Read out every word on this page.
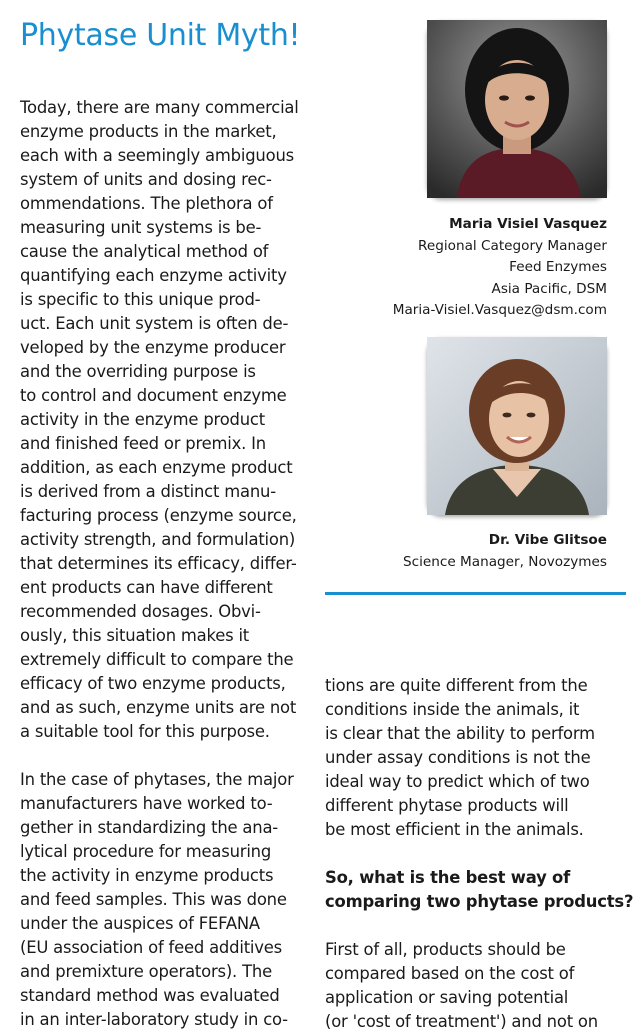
Phytase Unit Myth!
Maria Visiel Vasquez
Regional Category Manager
Feed Enzymes
Asia Pacific, DSM
Maria-Visiel.Vasquez@dsm.com
Dr. Vibe Glitsoe
Science Manager, Novozymes
Today, there are many commercial
enzyme products in the market,
each with a seemingly ambiguous
system of units and dosing rec-
ommendations. The plethora of
measuring unit systems is be-
cause the analytical method of
quantifying each enzyme activity
is specific to this unique prod-
uct. Each unit system is often de-
veloped by the enzyme producer
and the overriding purpose is
to control and document enzyme
activity in the enzyme product
and finished feed or premix. In
addition, as each enzyme product
is derived from a distinct manu-
facturing process (enzyme source,
activity strength, and formulation)
that determines its efficacy, differ-
ent products can have different
recommended dosages. Obvi-
ously, this situation makes it
extremely difficult to compare the
efficacy of two enzyme products,
and as such, enzyme units are not
a suitable tool for this purpose.
In the case of phytases, the major
manufacturers have worked to-
gether in standardizing the ana-
lytical procedure for measuring
the activity in enzyme products
and feed samples. This was done
under the auspices of FEFANA
(EU association of feed additives
and premixture operators). The
standard method was evaluated
in an inter-laboratory study in co-
tions are quite different from the
conditions inside the animals, it
is clear that the ability to perform
under assay conditions is not the
ideal way to predict which of two
different phytase products will
be most efficient in the animals.
So, what is the best way of
comparing two phytase products?
First of all, products should be
compared based on the cost of
application or saving potential
(or 'cost of treatment') and not on
